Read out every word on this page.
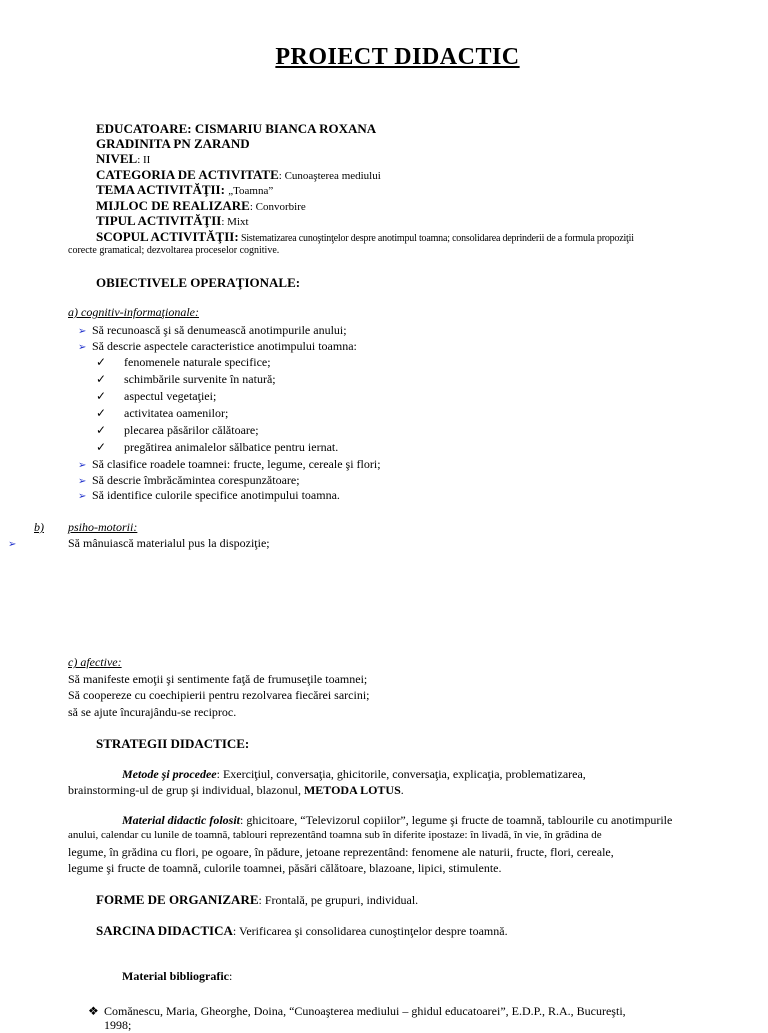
PROIECT DIDACTIC
EDUCATOARE: CISMARIU BIANCA ROXANA
GRADINITA PN ZARAND
NIVEL: II
CATEGORIA DE ACTIVITATE: Cunoaşterea mediului
TEMA ACTIVITĂŢII: „Toamna”
MIJLOC DE REALIZARE: Convorbire
TIPUL ACTIVITĂŢII: Mixt
SCOPUL ACTIVITĂŢII: Sistematizarea cunoştinţelor despre anotimpul toamna; consolidarea deprinderii de a formula propoziţii
corecte gramatical; dezvoltarea proceselor cognitive.
OBIECTIVELE OPERAŢIONALE:
a) cognitiv-informaţionale:
➢ Să recunoască şi să denumească anotimpurile anului;
➢ Să descrie aspectele caracteristice anotimpului toamna:
✓ fenomenele naturale specifice;
✓ schimbările survenite în natură;
✓ aspectul vegetaţiei;
✓ activitatea oamenilor;
✓ plecarea păsărilor călătoare;
✓ pregătirea animalelor sălbatice pentru iernat.
➢ Să clasifice roadele toamnei: fructe, legume, cereale şi flori;
➢ Să descrie îmbrăcămintea corespunzătoare;
➢ Să identifice culorile specifice anotimpului toamna.
b) psiho-motorii:
➢	Să mânuiască materialul pus la dispoziţie;
c) afective:
Să manifeste emoţii şi sentimente faţă de frumuseţile toamnei;
Să coopereze cu coechipierii pentru rezolvarea fiecărei sarcini;
să se ajute încurajându-se reciproc.
STRATEGII DIDACTICE:
Metode şi procedee: Exerciţiul, conversaţia, ghicitorile, conversaţia, explicaţia, problematizarea,
brainstorming-ul de grup şi individual, blazonul, METODA LOTUS.
Material didactic folosit: ghicitoare, “Televizorul copiilor”, legume şi fructe de toamnă, tablourile cu anotimpurile
anului, calendar cu lunile de toamnă, tablouri reprezentând toamna sub în diferite ipostaze: în livadă, în vie, în grădina de
legume, în grădina cu flori, pe ogoare, în pădure, jetoane reprezentând: fenomene ale naturii, fructe, flori, cereale,
legume şi fructe de toamnă, culorile toamnei, păsări călătoare, blazoane, lipici, stimulente.
FORME DE ORGANIZARE: Frontală, pe grupuri, individual.
SARCINA DIDACTICA: Verificarea şi consolidarea cunoştinţelor despre toamnă.
Material bibliografic:
❖ Comănescu, Maria, Gheorghe, Doina, “Cunoaşterea mediului – ghidul educatoarei”, E.D.P., R.A., Bucureşti,
1998;
